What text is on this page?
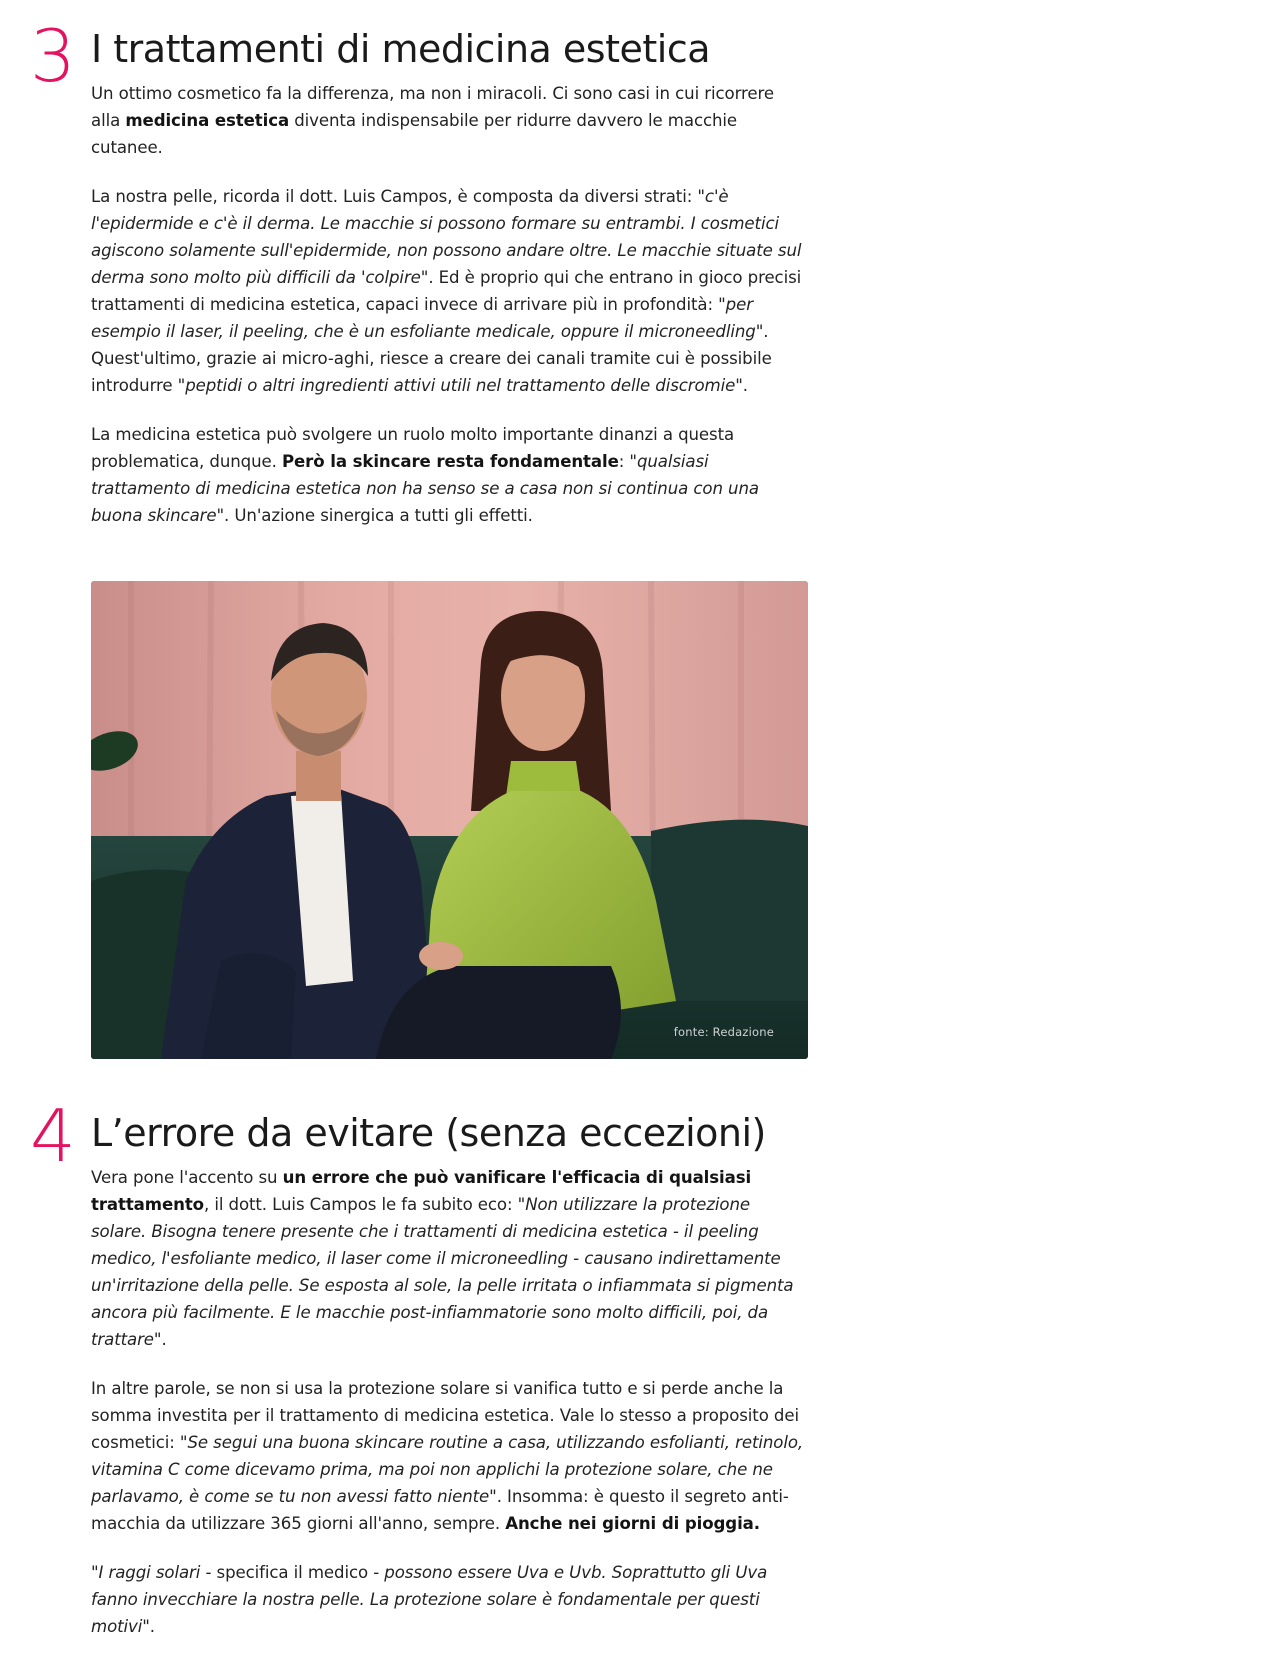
3 I trattamenti di medicina estetica

Un ottimo cosmetico fa la differenza, ma non i miracoli. Ci sono casi in cui ricorrere alla medicina estetica diventa indispensabile per ridurre davvero le macchie cutanee.

La nostra pelle, ricorda il dott. Luis Campos, è composta da diversi strati: "c'è l'epidermide e c'è il derma. Le macchie si possono formare su entrambi. I cosmetici agiscono solamente sull'epidermide, non possono andare oltre. Le macchie situate sul derma sono molto più difficili da 'colpire". Ed è proprio qui che entrano in gioco precisi trattamenti di medicina estetica, capaci invece di arrivare più in profondità: "per esempio il laser, il peeling, che è un esfoliante medicale, oppure il microneedling". Quest'ultimo, grazie ai micro-aghi, riesce a creare dei canali tramite cui è possibile introdurre "peptidi o altri ingredienti attivi utili nel trattamento delle discromie".

La medicina estetica può svolgere un ruolo molto importante dinanzi a questa problematica, dunque. Però la skincare resta fondamentale: "qualsiasi trattamento di medicina estetica non ha senso se a casa non si continua con una buona skincare". Un'azione sinergica a tutti gli effetti.

fonte: Redazione
4 L’errore da evitare (senza eccezioni)

Vera pone l'accento su un errore che può vanificare l'efficacia di qualsiasi trattamento, il dott. Luis Campos le fa subito eco: "Non utilizzare la protezione solare. Bisogna tenere presente che i trattamenti di medicina estetica - il peeling medico, l'esfoliante medico, il laser come il microneedling - causano indirettamente un'irritazione della pelle. Se esposta al sole, la pelle irritata o infiammata si pigmenta ancora più facilmente. E le macchie post-infiammatorie sono molto difficili, poi, da trattare".

In altre parole, se non si usa la protezione solare si vanifica tutto e si perde anche la somma investita per il trattamento di medicina estetica. Vale lo stesso a proposito dei cosmetici: "Se segui una buona skincare routine a casa, utilizzando esfolianti, retinolo, vitamina C come dicevamo prima, ma poi non applichi la protezione solare, che ne parlavamo, è come se tu non avessi fatto niente". Insomma: è questo il segreto anti-macchia da utilizzare 365 giorni all'anno, sempre. Anche nei giorni di pioggia.

"I raggi solari - specifica il medico - possono essere Uva e Uvb. Soprattutto gli Uva fanno invecchiare la nostra pelle. La protezione solare è fondamentale per questi motivi".
